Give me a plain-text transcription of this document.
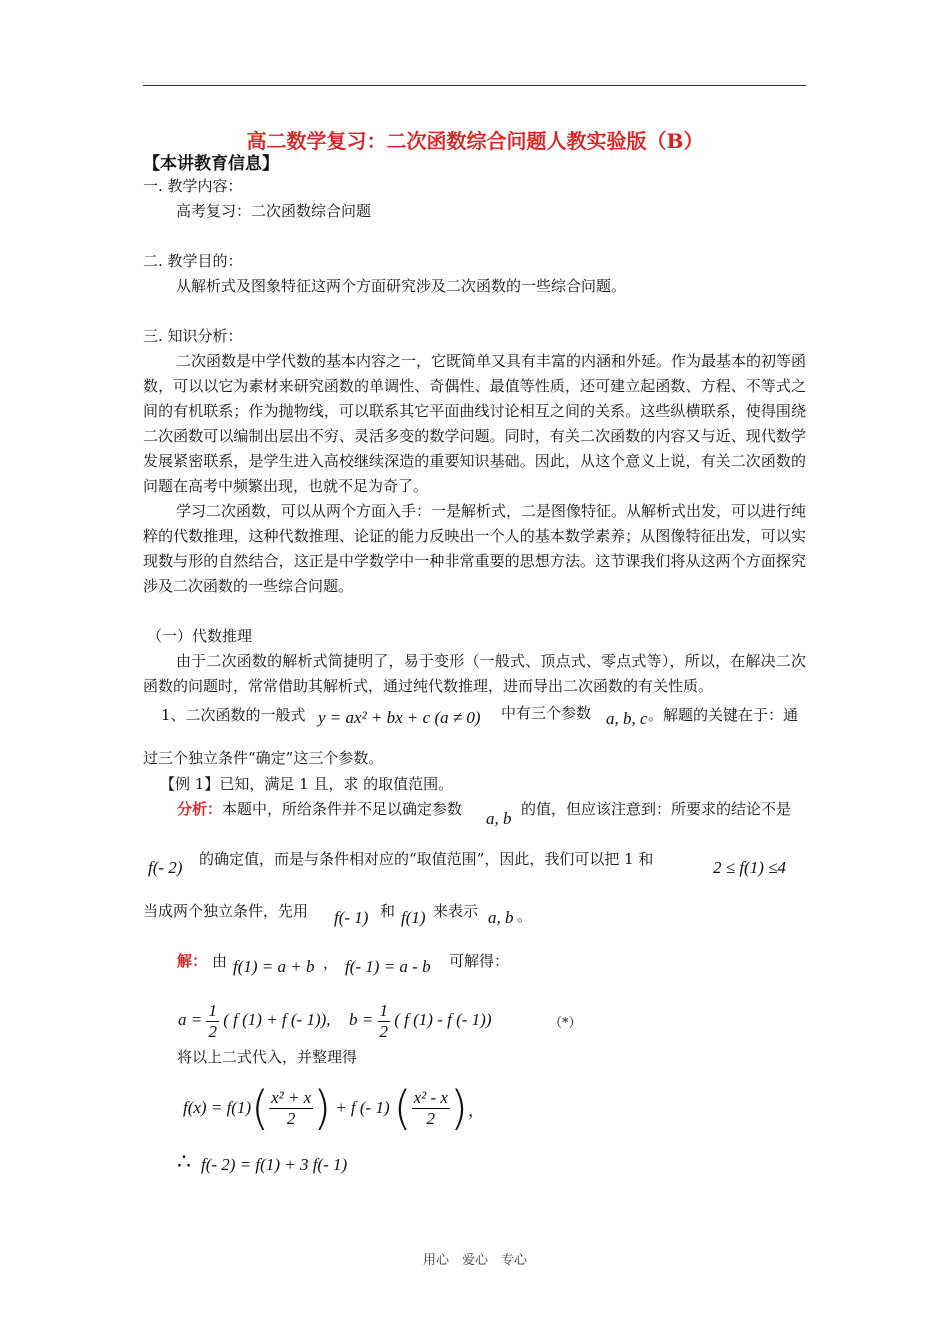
高二数学复习：二次函数综合问题人教实验版（B）
【本讲教育信息】
一. 教学内容：
高考复习：二次函数综合问题
二. 教学目的：
从解析式及图象特征这两个方面研究涉及二次函数的一些综合问题。
三. 知识分析：
二次函数是中学代数的基本内容之一，它既简单又具有丰富的内涵和外延。作为最基本的初等函数，可以以它为素材来研究函数的单调性、奇偶性、最值等性质，还可建立起函数、方程、不等式之间的有机联系；作为抛物线，可以联系其它平面曲线讨论相互之间的关系。这些纵横联系，使得围绕二次函数可以编制出层出不穷、灵活多变的数学问题。同时，有关二次函数的内容又与近、现代数学发展紧密联系，是学生进入高校继续深造的重要知识基础。因此，从这个意义上说，有关二次函数的问题在高考中频繁出现，也就不足为奇了。
学习二次函数，可以从两个方面入手：一是解析式，二是图像特征。从解析式出发，可以进行纯粹的代数推理，这种代数推理、论证的能力反映出一个人的基本数学素养；从图像特征出发，可以实现数与形的自然结合，这正是中学数学中一种非常重要的思想方法。这节课我们将从这两个方面探究涉及二次函数的一些综合问题。
（一）代数推理
由于二次函数的解析式简捷明了，易于变形（一般式、顶点式、零点式等），所以，在解决二次函数的问题时，常常借助其解析式，通过纯代数推理，进而导出二次函数的有关性质。
1、二次函数的一般式 y = ax² + bx + c (a ≠ 0) 中有三个参数 a, b, c 。解题的关键在于：通
过三个独立条件“确定”这三个参数。
【例 1】已知，满足 1 且，求 的取值范围。
分析：本题中，所给条件并不足以确定参数 a, b 的值，但应该注意到：所要求的结论不是
f(- 2) 的确定值，而是与条件相对应的“取值范围”，因此，我们可以把 1 和	2 ≤ f(1) ≤4
当成两个独立条件，先用 f(- 1) 和 f(1) 来表示 a, b 。
解： 由 f(1) = a + b ， f(- 1) = a - b 可解得：
$a = \frac{1}{2}$ ( f (1) + f (- 1)), $b = \frac{1}{2}$ ( f (1) - f (- 1))	（*）
将以上二式代入，并整理得
f(x) = f(1) ( $\frac{\text{x² + x}}{2}$ ) + f (- 1) ( $\frac{\text{x² - x}}{2}$ ) ，
∴ f(- 2) = f(1) + 3 f(- 1)
用心　爱心　专心
